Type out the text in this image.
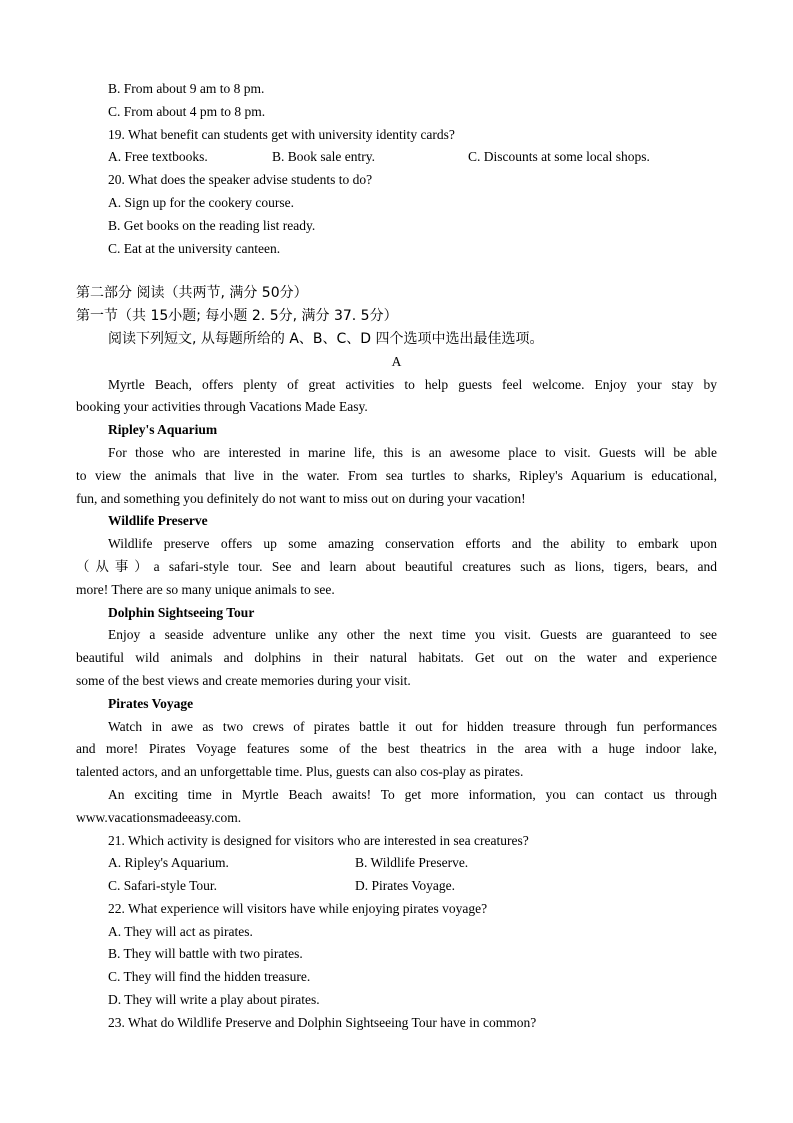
B. From about 9 am to 8 pm.
C. From about 4 pm to 8 pm.
19. What benefit can students get with university identity cards?
A. Free textbooks.	B. Book sale entry.	C. Discounts at some local shops.
20. What does the speaker advise students to do?
A. Sign up for the cookery course.
B. Get books on the reading list ready.
C. Eat at the university canteen.
第二部分 阅读（共两节, 满分 50分）
第一节（共 15小题; 每小题 2. 5分, 满分 37. 5分）
阅读下列短文, 从每题所给的 A、B、C、D 四个选项中选出最佳选项。
A
Myrtle Beach, offers plenty of great activities to help guests feel welcome. Enjoy your stay by
booking your activities through Vacations Made Easy.
Ripley's Aquarium
For those who are interested in marine life, this is an awesome place to visit. Guests will be able
to view the animals that live in the water. From sea turtles to sharks, Ripley's Aquarium is educational,
fun, and something you definitely do not want to miss out on during your vacation!
Wildlife Preserve
Wildlife preserve offers up some amazing conservation efforts and the ability to embark upon
（从事）a safari-style tour. See and learn about beautiful creatures such as lions, tigers, bears, and
more! There are so many unique animals to see.
Dolphin Sightseeing Tour
Enjoy a seaside adventure unlike any other the next time you visit. Guests are guaranteed to see
beautiful wild animals and dolphins in their natural habitats. Get out on the water and experience
some of the best views and create memories during your visit.
Pirates Voyage
Watch in awe as two crews of pirates battle it out for hidden treasure through fun performances
and more! Pirates Voyage features some of the best theatrics in the area with a huge indoor lake,
talented actors, and an unforgettable time. Plus, guests can also cos-play as pirates.
An exciting time in Myrtle Beach awaits! To get more information, you can contact us through
www.vacationsmadeeasy.com.
21. Which activity is designed for visitors who are interested in sea creatures?
A. Ripley's Aquarium.	B. Wildlife Preserve.
C. Safari-style Tour.	D. Pirates Voyage.
22. What experience will visitors have while enjoying pirates voyage?
A. They will act as pirates.
B. They will battle with two pirates.
C. They will find the hidden treasure.
D. They will write a play about pirates.
23. What do Wildlife Preserve and Dolphin Sightseeing Tour have in common?
